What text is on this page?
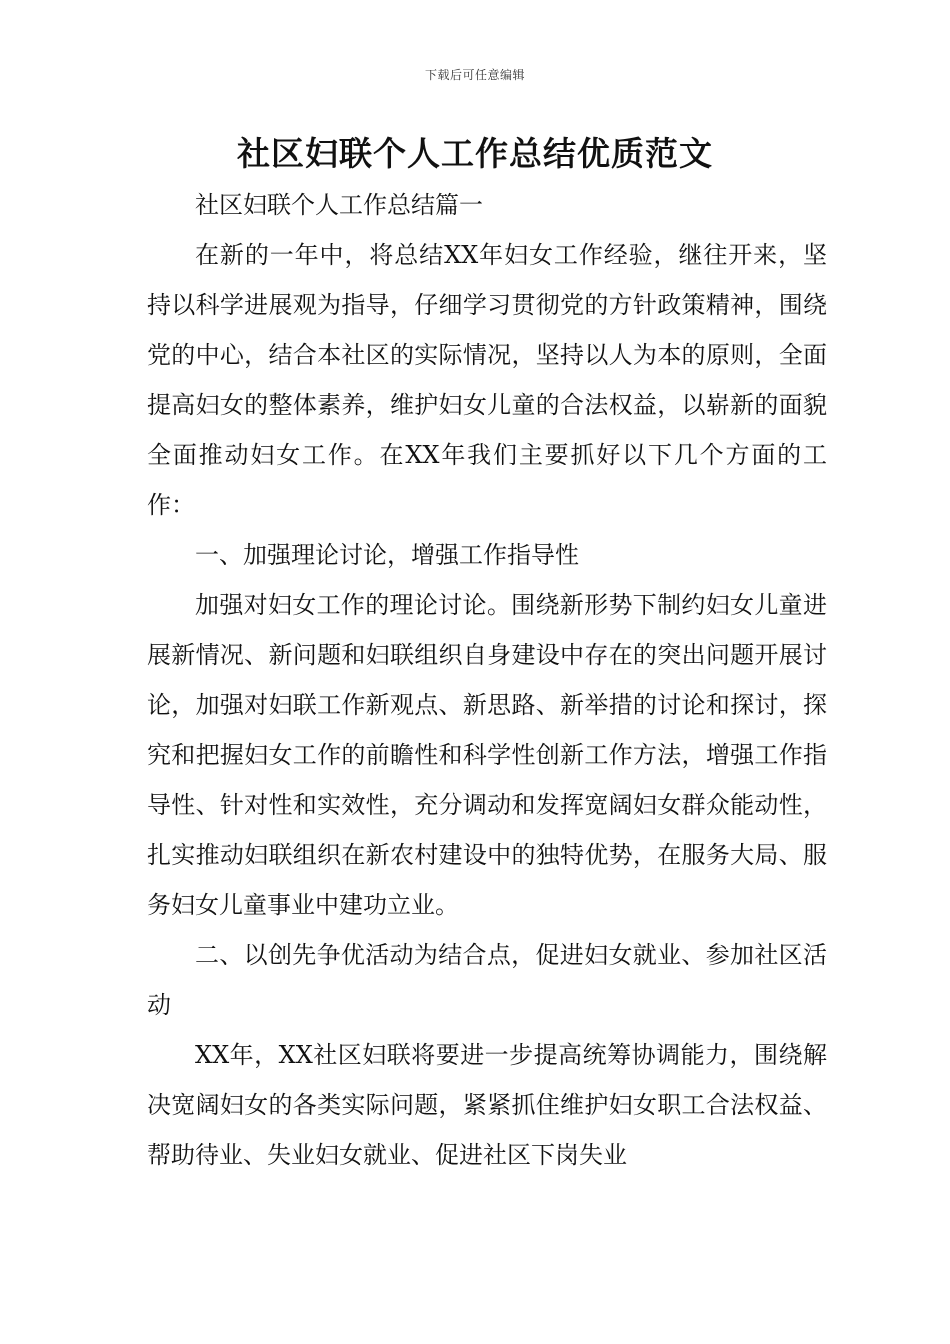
下载后可任意编辑
社区妇联个人工作总结优质范文

社区妇联个人工作总结篇一

在新的一年中，将总结XX年妇女工作经验，继往开来，坚持以科学进展观为指导，仔细学习贯彻党的方针政策精神，围绕党的中心，结合本社区的实际情况，坚持以人为本的原则，全面提高妇女的整体素养，维护妇女儿童的合法权益，以崭新的面貌全面推动妇女工作。在XX年我们主要抓好以下几个方面的工作：

一、加强理论讨论，增强工作指导性

加强对妇女工作的理论讨论。围绕新形势下制约妇女儿童进展新情况、新问题和妇联组织自身建设中存在的突出问题开展讨论，加强对妇联工作新观点、新思路、新举措的讨论和探讨，探究和把握妇女工作的前瞻性和科学性创新工作方法，增强工作指导性、针对性和实效性，充分调动和发挥宽阔妇女群众能动性，扎实推动妇联组织在新农村建设中的独特优势，在服务大局、服务妇女儿童事业中建功立业。

二、以创先争优活动为结合点，促进妇女就业、参加社区活动

XX年，XX社区妇联将要进一步提高统筹协调能力，围绕解决宽阔妇女的各类实际问题，紧紧抓住维护妇女职工合法权益、帮助待业、失业妇女就业、促进社区下岗失业
